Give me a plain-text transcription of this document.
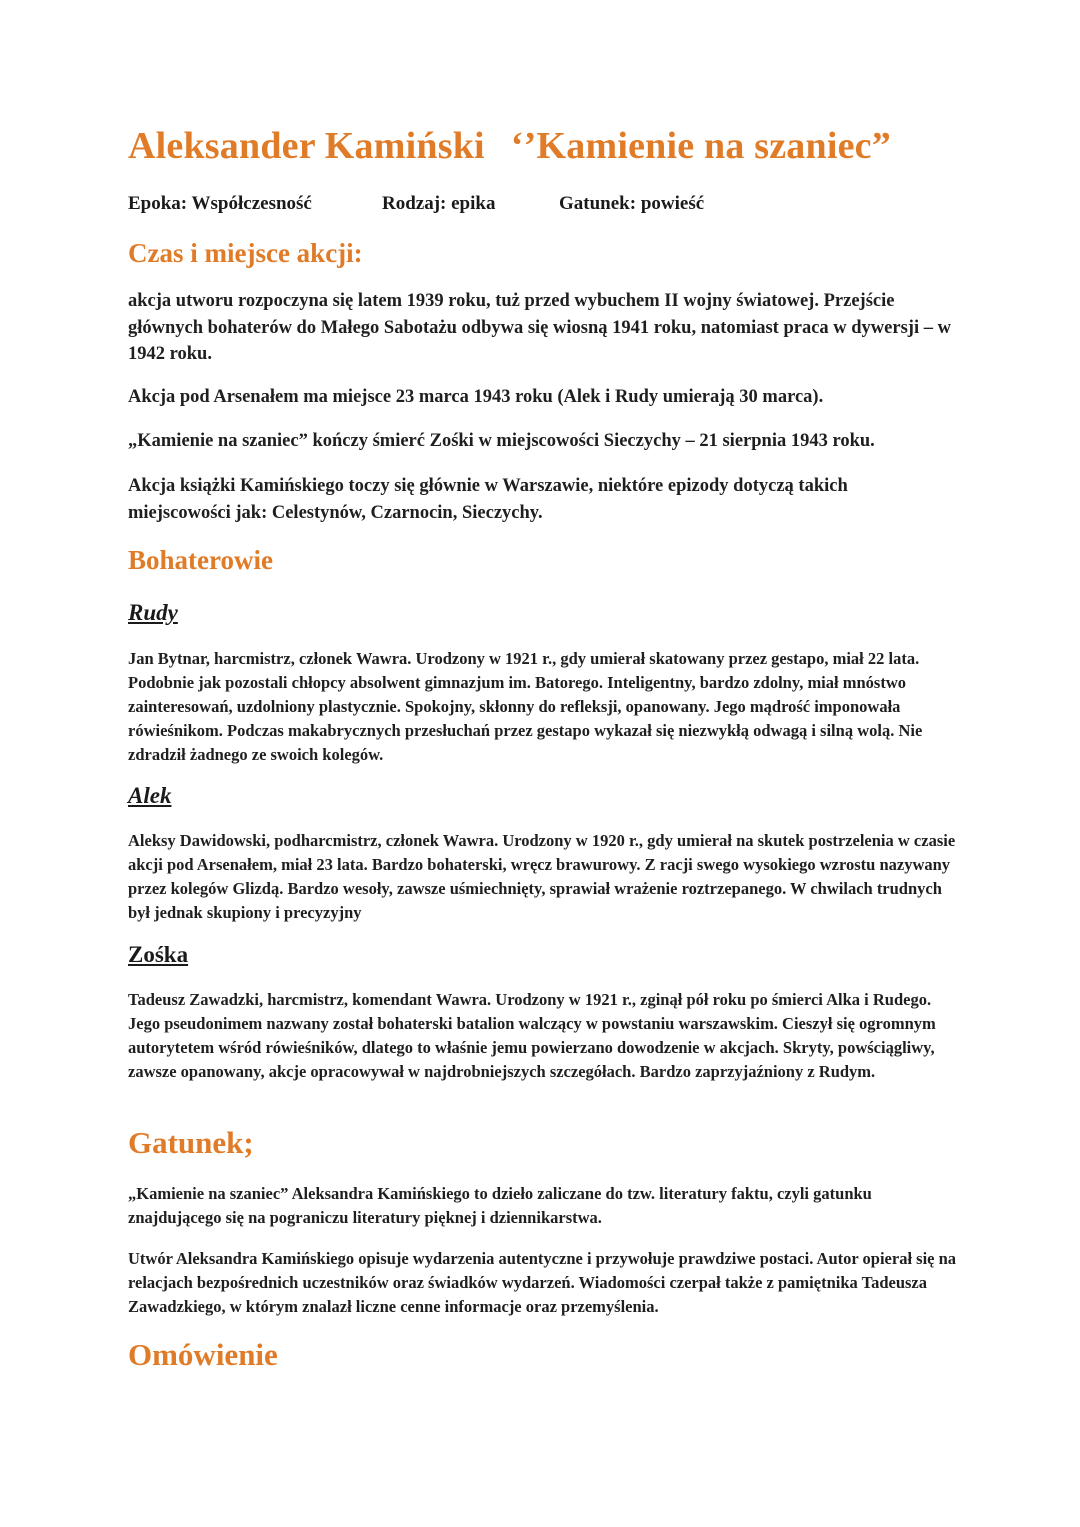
Aleksander Kamiński ‘’Kamienie na szaniec”
Epoka: Współczesność	Rodzaj: epika	Gatunek: powieść
Czas i miejsce akcji:

akcja utworu rozpoczyna się latem 1939 roku, tuż przed wybuchem II wojny światowej. Przejście głównych bohaterów do Małego Sabotażu odbywa się wiosną 1941 roku, natomiast praca w dywersji – w 1942 roku.

Akcja pod Arsenałem ma miejsce 23 marca 1943 roku (Alek i Rudy umierają 30 marca).

„Kamienie na szaniec” kończy śmierć Zośki w miejscowości Sieczychy – 21 sierpnia 1943 roku.

Akcja książki Kamińskiego toczy się głównie w Warszawie, niektóre epizody dotyczą takich miejscowości jak: Celestynów, Czarnocin, Sieczychy.

Bohaterowie
Rudy

Jan Bytnar, harcmistrz, członek Wawra. Urodzony w 1921 r., gdy umierał skatowany przez gestapo, miał 22 lata. Podobnie jak pozostali chłopcy absolwent gimnazjum im. Batorego. Inteligentny, bardzo zdolny, miał mnóstwo zainteresowań, uzdolniony plastycznie. Spokojny, skłonny do refleksji, opanowany. Jego mądrość imponowała rówieśnikom. Podczas makabrycznych przesłuchań przez gestapo wykazał się niezwykłą odwagą i silną wolą. Nie zdradził żadnego ze swoich kolegów.

Alek

Aleksy Dawidowski, podharcmistrz, członek Wawra. Urodzony w 1920 r., gdy umierał na skutek postrzelenia w czasie akcji pod Arsenałem, miał 23 lata. Bardzo bohaterski, wręcz brawurowy. Z racji swego wysokiego wzrostu nazywany przez kolegów Glizdą. Bardzo wesoły, zawsze uśmiechnięty, sprawiał wrażenie roztrzepanego. W chwilach trudnych był jednak skupiony i precyzyjny

Zośka

Tadeusz Zawadzki, harcmistrz, komendant Wawra. Urodzony w 1921 r., zginął pół roku po śmierci Alka i Rudego. Jego pseudonimem nazwany został bohaterski batalion walczący w powstaniu warszawskim. Cieszył się ogromnym autorytetem wśród rówieśników, dlatego to właśnie jemu powierzano dowodzenie w akcjach. Skryty, powściągliwy, zawsze opanowany, akcje opracowywał w najdrobniejszych szczegółach. Bardzo zaprzyjaźniony z Rudym.

Gatunek;

„Kamienie na szaniec” Aleksandra Kamińskiego to dzieło zaliczane do tzw. literatury faktu, czyli gatunku znajdującego się na pograniczu literatury pięknej i dziennikarstwa.

Utwór Aleksandra Kamińskiego opisuje wydarzenia autentyczne i przywołuje prawdziwe postaci. Autor opierał się na relacjach bezpośrednich uczestników oraz świadków wydarzeń. Wiadomości czerpał także z pamiętnika Tadeusza Zawadzkiego, w którym znalazł liczne cenne informacje oraz przemyślenia.

Omówienie
